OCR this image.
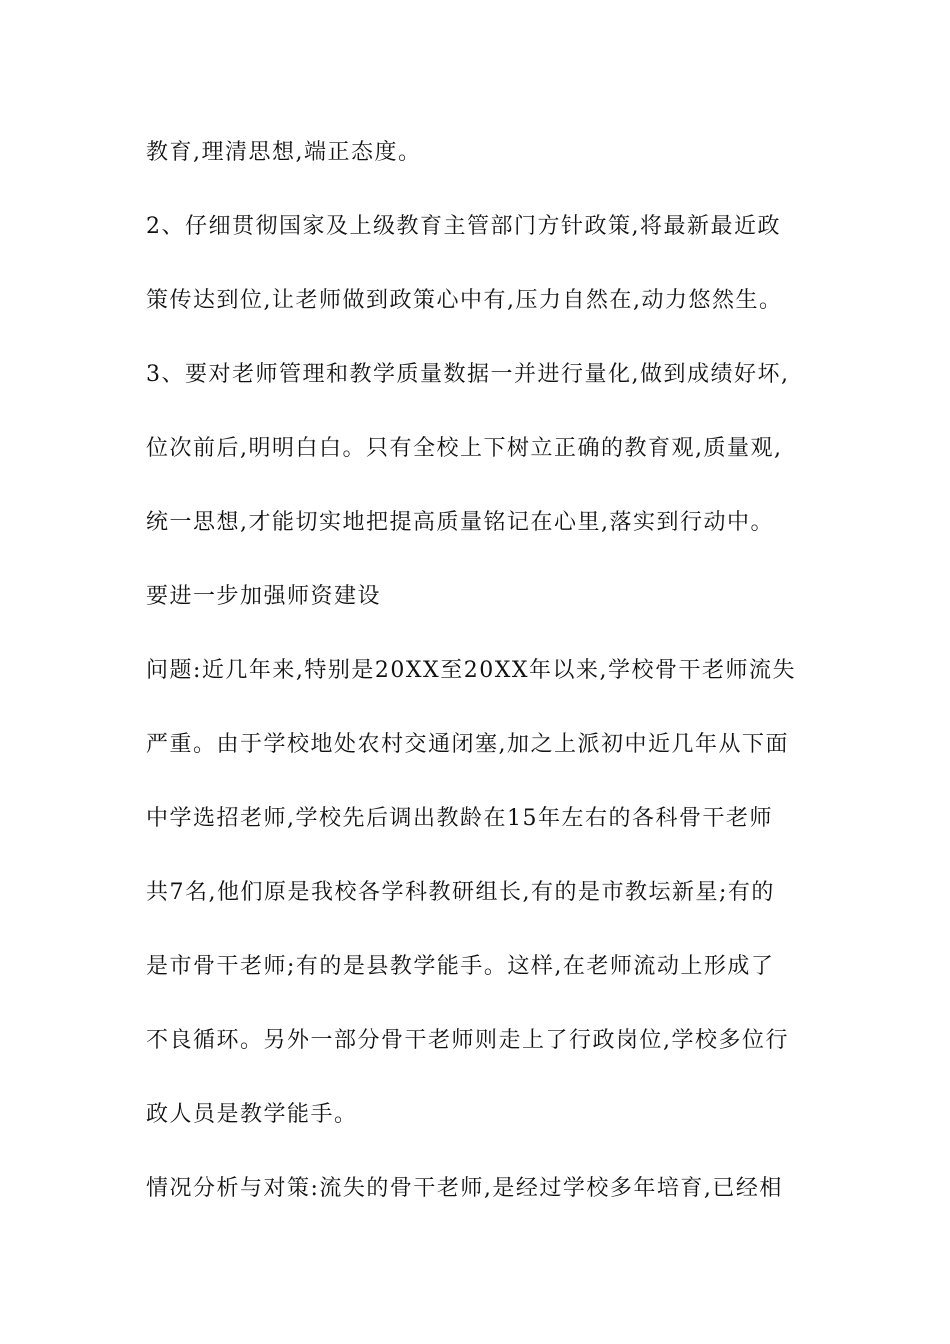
教育,理清思想,端正态度。
2、仔细贯彻国家及上级教育主管部门方针政策,将最新最近政
策传达到位,让老师做到政策心中有,压力自然在,动力悠然生。
3、要对老师管理和教学质量数据一并进行量化,做到成绩好坏,
位次前后,明明白白。只有全校上下树立正确的教育观,质量观,
统一思想,才能切实地把提高质量铭记在心里,落实到行动中。
要进一步加强师资建设
问题:近几年来,特别是20XX至20XX年以来,学校骨干老师流失
严重。由于学校地处农村交通闭塞,加之上派初中近几年从下面
中学选招老师,学校先后调出教龄在15年左右的各科骨干老师
共7名,他们原是我校各学科教研组长,有的是市教坛新星;有的
是市骨干老师;有的是县教学能手。这样,在老师流动上形成了
不良循环。另外一部分骨干老师则走上了行政岗位,学校多位行
政人员是教学能手。
情况分析与对策:流失的骨干老师,是经过学校多年培育,已经相
